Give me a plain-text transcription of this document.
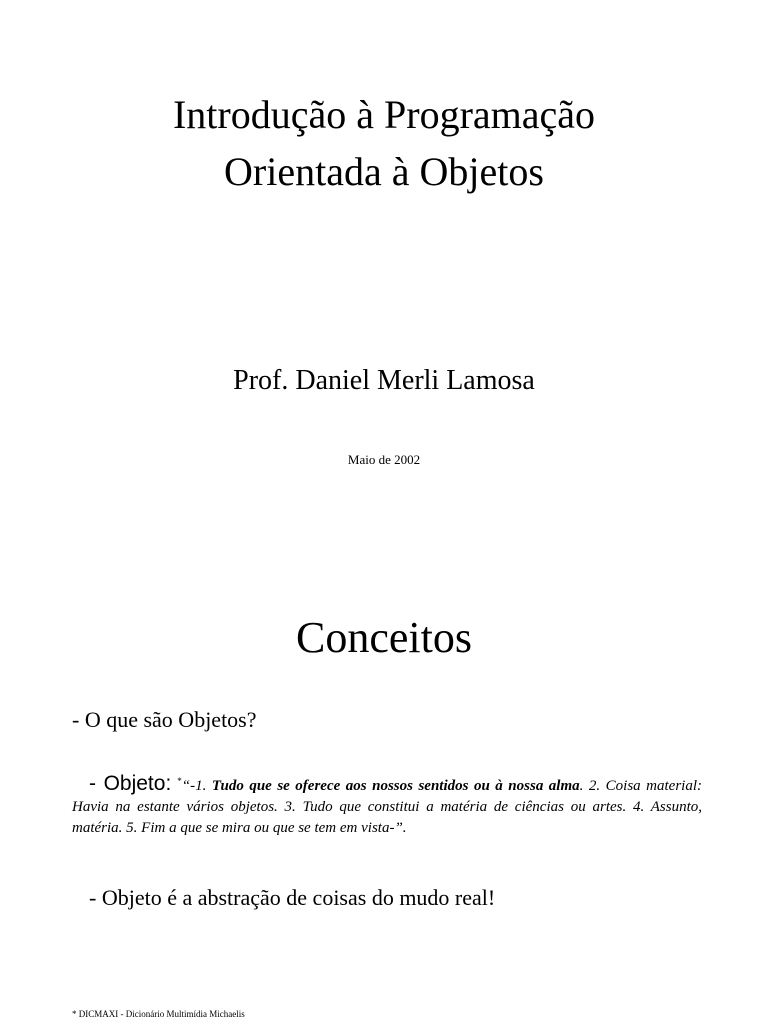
Introdução à Programação
Orientada à Objetos
Prof. Daniel Merli Lamosa
Maio de 2002
Conceitos
- O que são Objetos?
- Objeto: *“-1. Tudo que se oferece aos nossos sentidos ou à nossa alma. 2. Coisa material: Havia na estante vários objetos. 3. Tudo que constitui a matéria de ciências ou artes. 4. Assunto, matéria. 5. Fim a que se mira ou que se tem em vista-”.
- Objeto é a abstração de coisas do mudo real!
* DICMAXI - Dicionário Multimídia Michaelis
